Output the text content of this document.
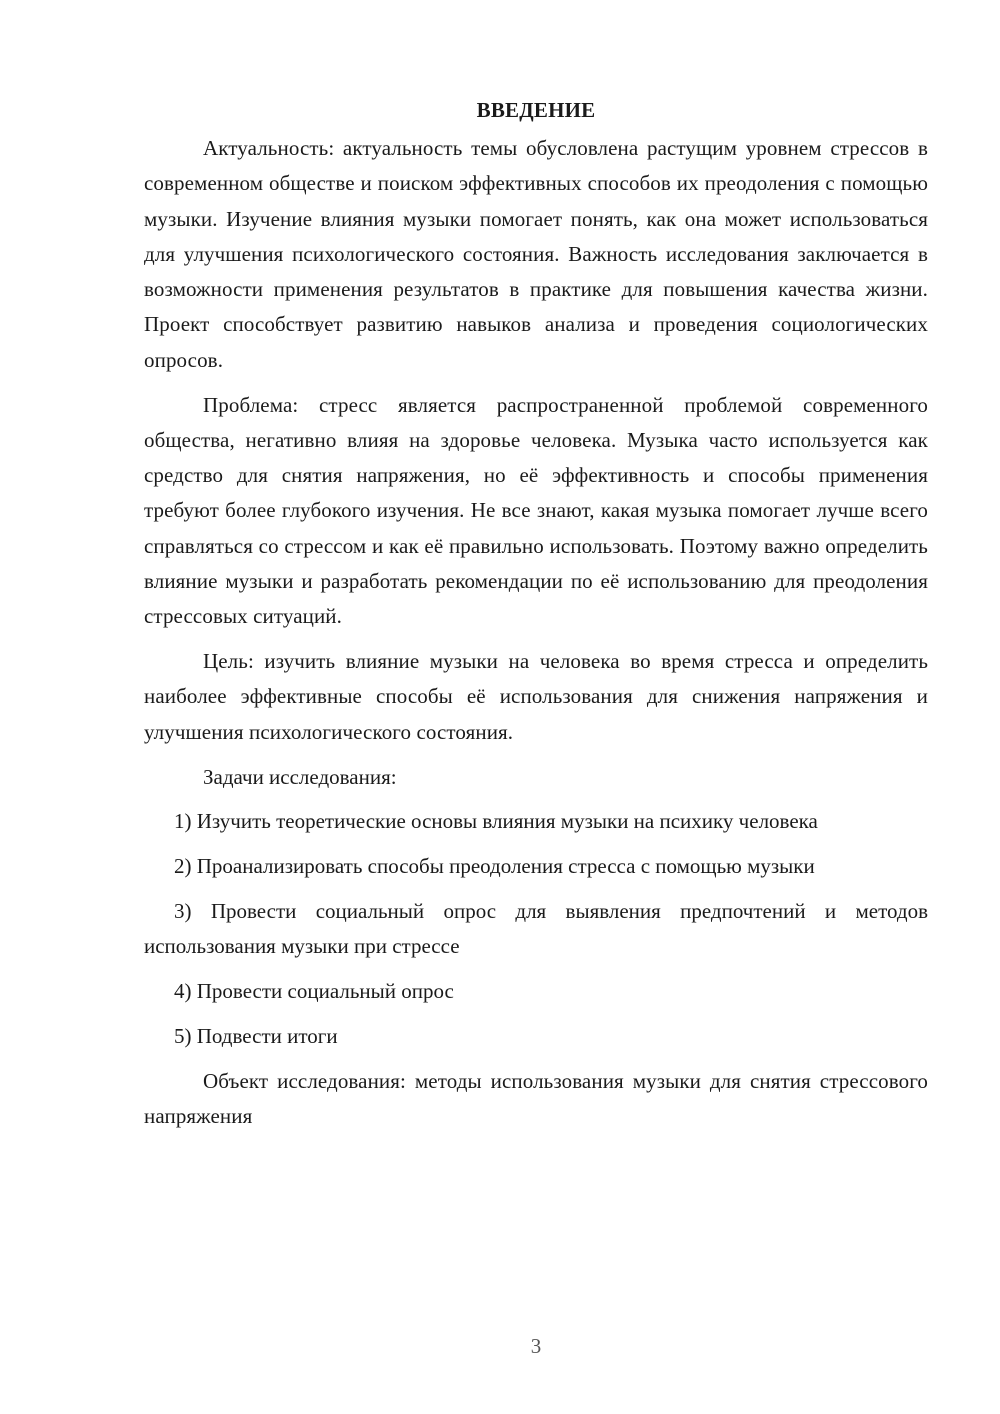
ВВЕДЕНИЕ

Актуальность: актуальность темы обусловлена растущим уровнем стрессов в современном обществе и поиском эффективных способов их преодоления с помощью музыки. Изучение влияния музыки помогает понять, как она может использоваться для улучшения психологического состояния. Важность исследования заключается в возможности применения результатов в практике для повышения качества жизни. Проект способствует развитию навыков анализа и проведения социологических опросов.

Проблема: стресс является распространенной проблемой современного общества, негативно влияя на здоровье человека. Музыка часто используется как средство для снятия напряжения, но её эффективность и способы применения требуют более глубокого изучения. Не все знают, какая музыка помогает лучше всего справляться со стрессом и как её правильно использовать. Поэтому важно определить влияние музыки и разработать рекомендации по её использованию для преодоления стрессовых ситуаций.

Цель: изучить влияние музыки на человека во время стресса и определить наиболее эффективные способы её использования для снижения напряжения и улучшения психологического состояния.

Задачи исследования:

1) Изучить теоретические основы влияния музыки на психику человека

2) Проанализировать способы преодоления стресса с помощью музыки

3) Провести социальный опрос для выявления предпочтений и методов использования музыки при стрессе

4) Провести социальный опрос

5) Подвести итоги

Объект исследования: методы использования музыки для снятия стрессового напряжения

3
